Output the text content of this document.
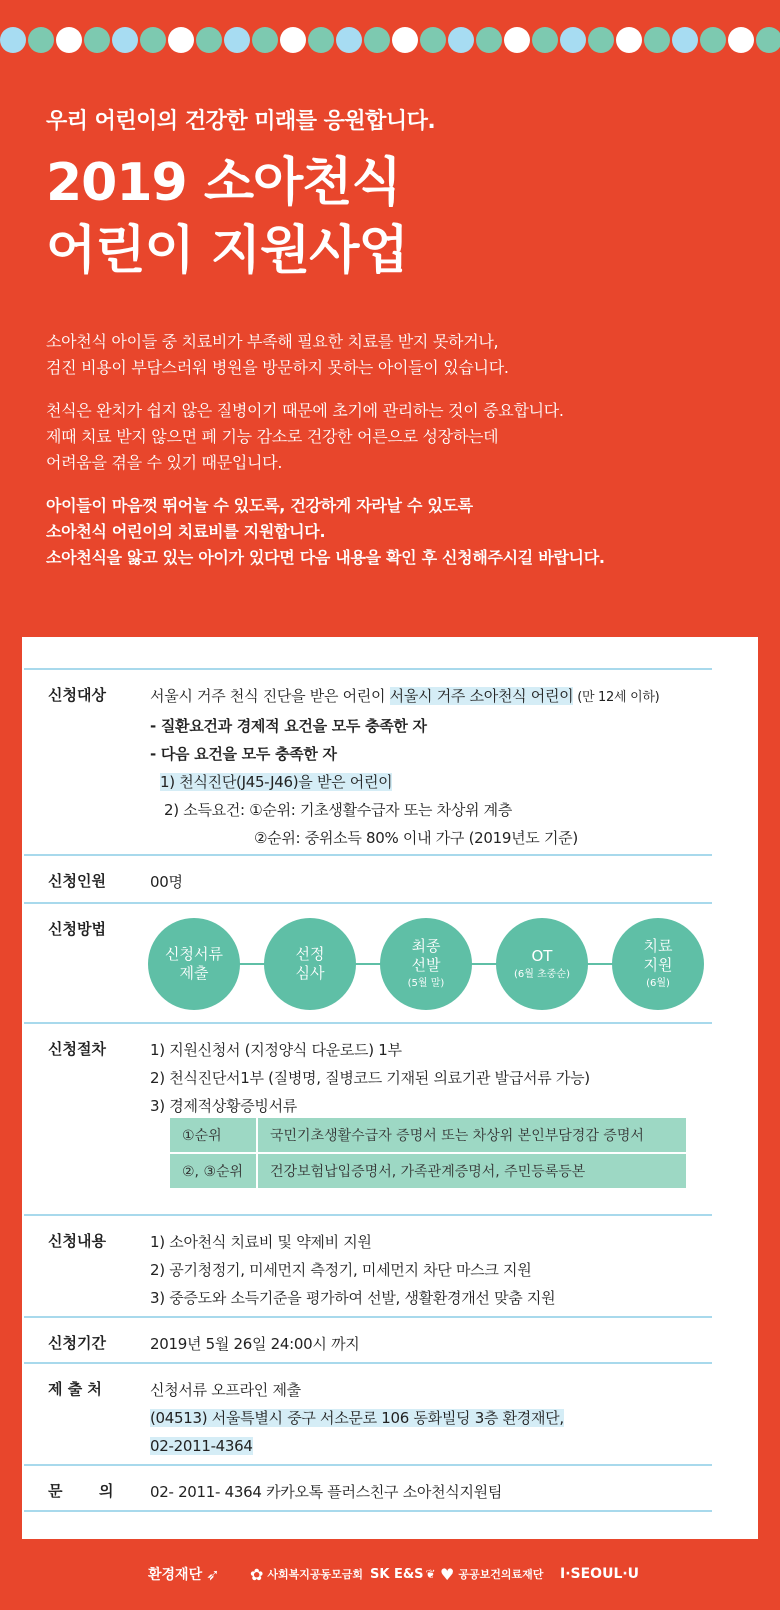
우리 어린이의 건강한 미래를 응원합니다.
2019 소아천식
어린이 지원사업
소아천식 아이들 중 치료비가 부족해 필요한 치료를 받지 못하거나,
검진 비용이 부담스러워 병원을 방문하지 못하는 아이들이 있습니다.
천식은 완치가 쉽지 않은 질병이기 때문에 초기에 관리하는 것이 중요합니다.
제때 치료 받지 않으면 폐 기능 감소로 건강한 어른으로 성장하는데
어려움을 겪을 수 있기 때문입니다.
아이들이 마음껏 뛰어놀 수 있도록, 건강하게 자라날 수 있도록
소아천식 어린이의 치료비를 지원합니다.
소아천식을 앓고 있는 아이가 있다면 다음 내용을 확인 후 신청해주시길 바랍니다.
신청대상	서울시 거주 천식 진단을 받은 어린이 서울시 거주 소아천식 어린이 (만 12세 이하)
- 질환요건과 경제적 요건을 모두 충족한 자
- 다음 요건을 모두 충족한 자
1) 천식진단(J45-J46)을 받은 어린이
2) 소득요건: ①순위: 기초생활수급자 또는 차상위 계층
②순위: 중위소득 80% 이내 가구 (2019년도 기준)
신청인원	00명
신청방법
신청서류
제출
선정
심사
최종
선발
(5월 말)
OT
(6월 초중순)
치료
지원
(6월)
신청절차	1) 지원신청서 (지정양식 다운로드) 1부
2) 천식진단서1부 (질병명, 질병코드 기재된 의료기관 발급서류 가능)
3) 경제적상황증빙서류
①순위	국민기초생활수급자 증명서 또는 차상위 본인부담경감 증명서
②, ③순위	건강보험납입증명서, 가족관계증명서, 주민등록등본
신청내용	1) 소아천식 치료비 및 약제비 지원
2) 공기청정기, 미세먼지 측정기, 미세먼지 차단 마스크 지원
3) 중증도와 소득기준을 평가하여 선발, 생활환경개선 맞춤 지원
신청기간	2019년 5월 26일 24:00시 까지
제 출 처	신청서류 오프라인 제출
(04513) 서울특별시 중구 서소문로 106 동화빌딩 3층 환경재단,
02-2011-4364
문       의 02- 2011- 4364 카카오톡 플러스친구 소아천식지원팀
환경재단 ➶ ✿ 사회복지공동모금회 SK E&S ❦ ♥ 공공보건의료재단 I·SEOUL·U
